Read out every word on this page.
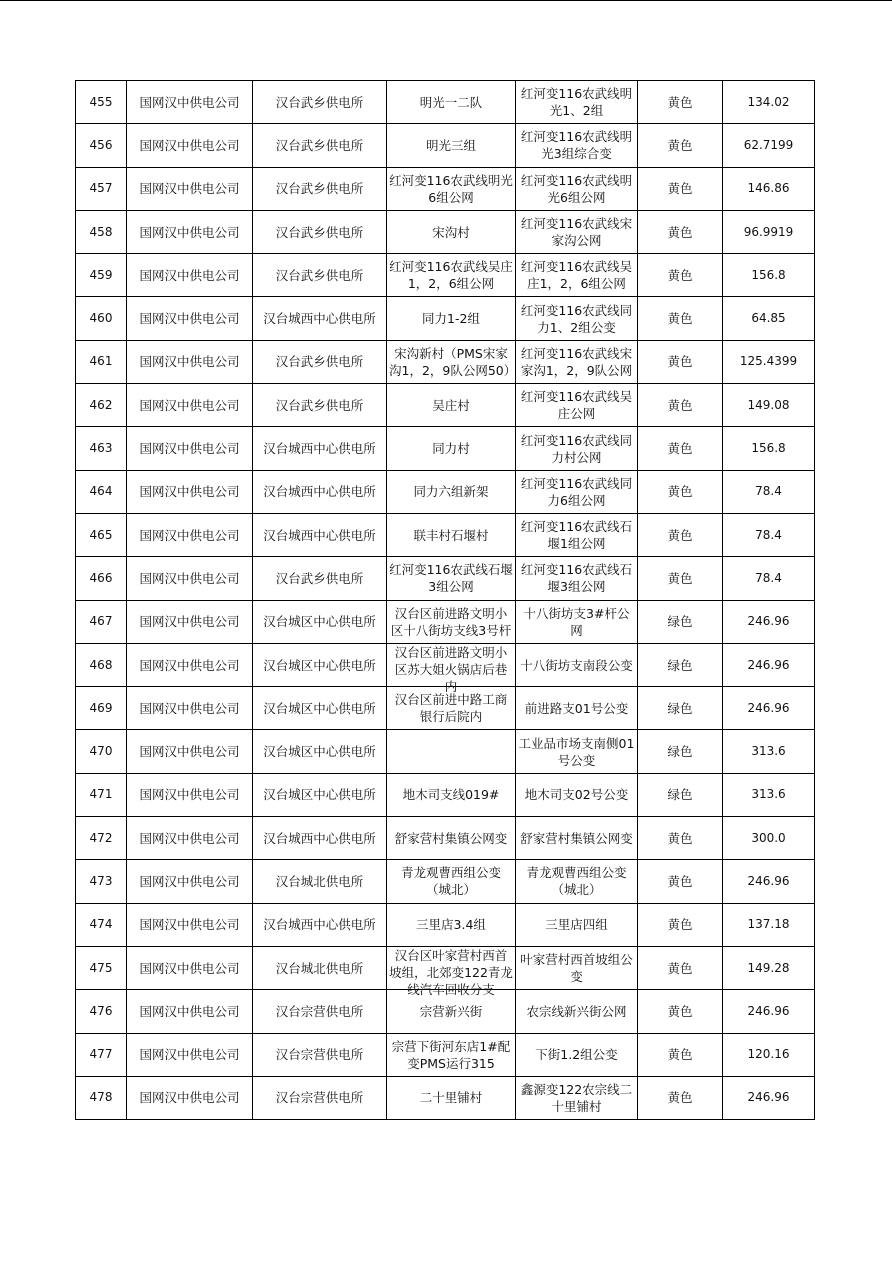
455	国网汉中供电公司	汉台武乡供电所	明光一二队	红河变116农武线明光1、2组	黄色	134.02

456	国网汉中供电公司	汉台武乡供电所	明光三组	红河变116农武线明光3组综合变	黄色	62.7199

457	国网汉中供电公司	汉台武乡供电所	红河变116农武线明光6组公网	红河变116农武线明光6组公网	黄色	146.86

458	国网汉中供电公司	汉台武乡供电所	宋沟村	红河变116农武线宋家沟公网	黄色	96.9919

459	国网汉中供电公司	汉台武乡供电所	红河变116农武线吴庄1，2，6组公网	红河变116农武线吴庄1，2，6组公网	黄色	156.8

460	国网汉中供电公司	汉台城西中心供电所	同力1-2组	红河变116农武线同力1、2组公变	黄色	64.85

461	国网汉中供电公司	汉台武乡供电所	宋沟新村（PMS宋家沟1，2，9队公网50）	红河变116农武线宋家沟1，2，9队公网	黄色	125.4399

462	国网汉中供电公司	汉台武乡供电所	吴庄村	红河变116农武线吴庄公网	黄色	149.08

463	国网汉中供电公司	汉台城西中心供电所	同力村	红河变116农武线同力村公网	黄色	156.8

464	国网汉中供电公司	汉台城西中心供电所	同力六组新架	红河变116农武线同力6组公网	黄色	78.4

465	国网汉中供电公司	汉台城西中心供电所	联丰村石堰村	红河变116农武线石堰1组公网	黄色	78.4

466	国网汉中供电公司	汉台武乡供电所	红河变116农武线石堰3组公网	红河变116农武线石堰3组公网	黄色	78.4

467	国网汉中供电公司	汉台城区中心供电所	汉台区前进路文明小区十八街坊支线3号杆	十八街坊支3#杆公网	绿色	246.96

468	国网汉中供电公司	汉台城区中心供电所	汉台区前进路文明小区苏大姐火锅店后巷内	十八街坊支南段公变	绿色	246.96

469	国网汉中供电公司	汉台城区中心供电所	汉台区前进中路工商银行后院内	前进路支01号公变	绿色	246.96

470	国网汉中供电公司	汉台城区中心供电所		工业品市场支南侧01号公变	绿色	313.6

471	国网汉中供电公司	汉台城区中心供电所	地木司支线019#	地木司支02号公变	绿色	313.6

472	国网汉中供电公司	汉台城西中心供电所	舒家营村集镇公网变	舒家营村集镇公网变	黄色	300.0

473	国网汉中供电公司	汉台城北供电所	青龙观曹西组公变（城北）	青龙观曹西组公变（城北）	黄色	246.96

474	国网汉中供电公司	汉台城西中心供电所	三里店3.4组	三里店四组	黄色	137.18

475	国网汉中供电公司	汉台城北供电所	汉台区叶家营村西首坡组，北郊变122青龙线汽车回收分支	叶家营村西首坡组公变	黄色	149.28

476	国网汉中供电公司	汉台宗营供电所	宗营新兴街	农宗线新兴街公网	黄色	246.96

477	国网汉中供电公司	汉台宗营供电所	宗营下街河东店1#配变PMS运行315	下街1.2组公变	黄色	120.16

478	国网汉中供电公司	汉台宗营供电所	二十里铺村	鑫源变122农宗线二十里铺村	黄色	246.96
